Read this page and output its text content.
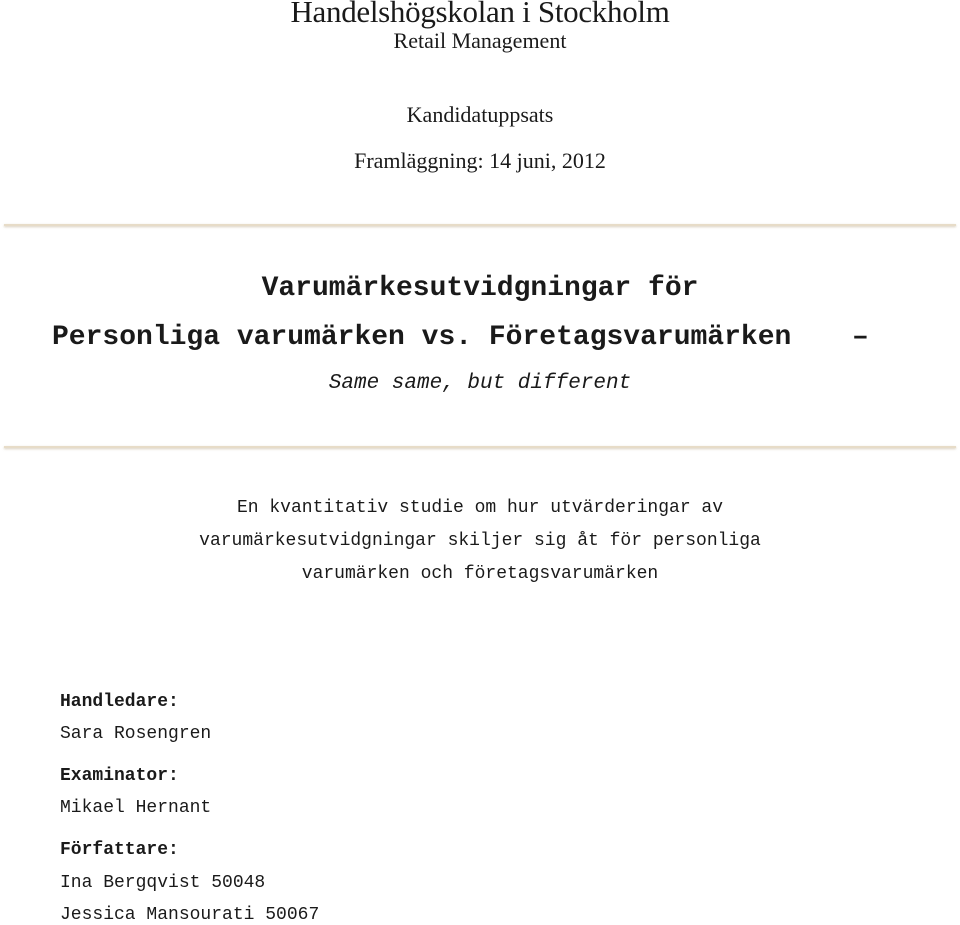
Handelshögskolan i Stockholm
Retail Management
Kandidatuppsats
Framläggning: 14 juni, 2012
Varumärkesutvidgningar för
Personliga varumärken vs. Företagsvarumärken –
Same same, but different
En kvantitativ studie om hur utvärderingar av
varumärkesutvidgningar skiljer sig åt för personliga
varumärken och företagsvarumärken
Handledare:
Sara Rosengren
Examinator:
Mikael Hernant
Författare:
Ina Bergqvist 50048
Jessica Mansourati 50067
